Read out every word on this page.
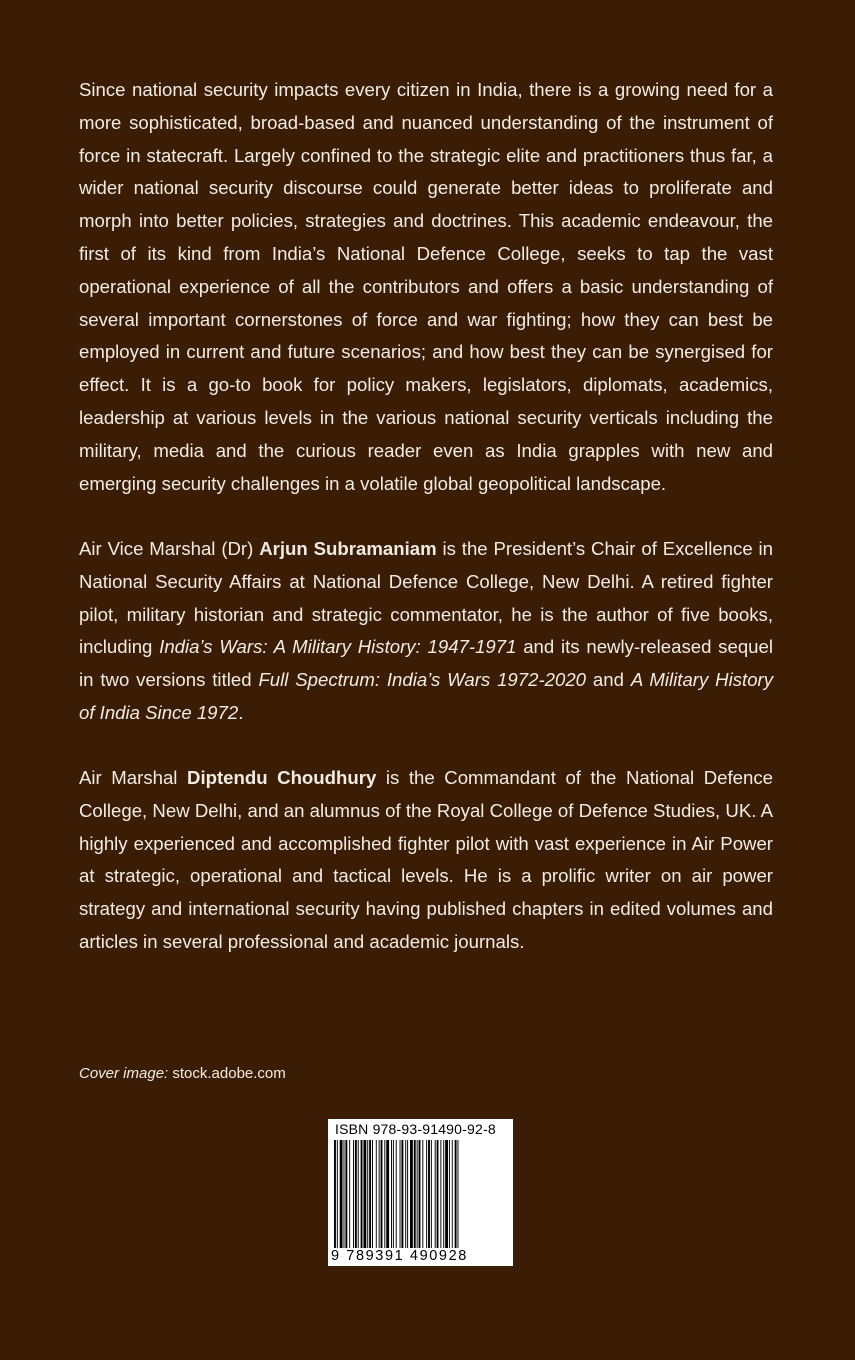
Since national security impacts every citizen in India, there is a growing need for a more sophisticated, broad-based and nuanced understanding of the instrument of force in statecraft. Largely confined to the strategic elite and practitioners thus far, a wider national security discourse could generate better ideas to proliferate and morph into better policies, strategies and doctrines. This academic endeavour, the first of its kind from India’s National Defence College, seeks to tap the vast operational experience of all the contributors and offers a basic understanding of several important cornerstones of force and war fighting; how they can best be employed in current and future scenarios; and how best they can be synergised for effect. It is a go-to book for policy makers, legislators, diplomats, academics, leadership at various levels in the various national security verticals including the military, media and the curious reader even as India grapples with new and emerging security challenges in a volatile global geopolitical landscape.

Air Vice Marshal (Dr) Arjun Subramaniam is the President’s Chair of Excellence in National Security Affairs at National Defence College, New Delhi. A retired fighter pilot, military historian and strategic commentator, he is the author of five books, including India’s Wars: A Military History: 1947-1971 and its newly-released sequel in two versions titled Full Spectrum: India’s Wars 1972-2020 and A Military History of India Since 1972.

Air Marshal Diptendu Choudhury is the Commandant of the National Defence College, New Delhi, and an alumnus of the Royal College of Defence Studies, UK. A highly experienced and accomplished fighter pilot with vast experience in Air Power at strategic, operational and tactical levels. He is a prolific writer on air power strategy and international security having published chapters in edited volumes and articles in several professional and academic journals.

Cover image: stock.adobe.com

ISBN 978-93-91490-92-8
9 789391 490928
